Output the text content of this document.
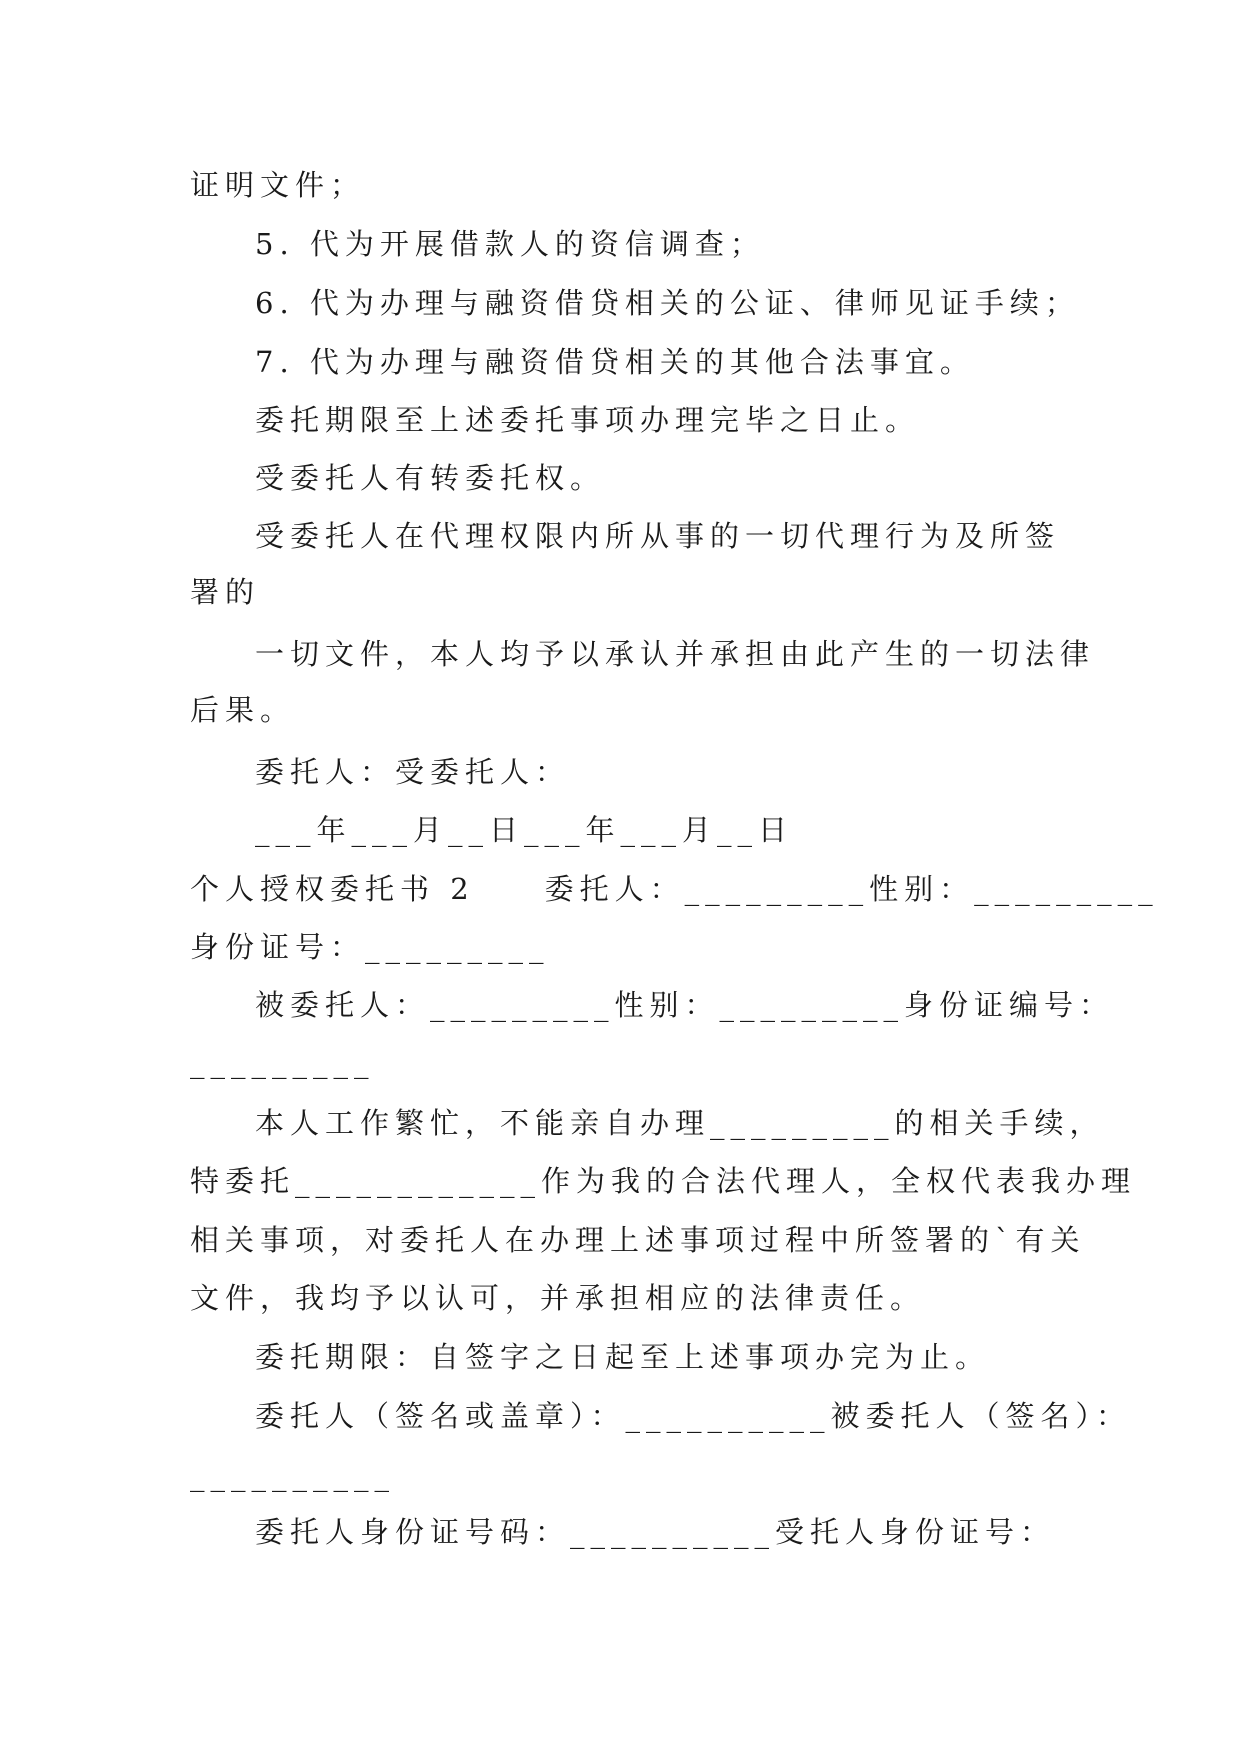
证明文件；
5. 代为开展借款人的资信调查；
6. 代为办理与融资借贷相关的公证、律师见证手续；
7. 代为办理与融资借贷相关的其他合法事宜。
委托期限至上述委托事项办理完毕之日止。
受委托人有转委托权。
受委托人在代理权限内所从事的一切代理行为及所签
署的
一切文件，本人均予以承认并承担由此产生的一切法律
后果。
委托人：受委托人：
___年___月__日___年___月__日
个人授权委托书 2　　委托人：_________性别：_________
身份证号：_________
被委托人：_________性别：_________身份证编号：
_________
本人工作繁忙，不能亲自办理_________的相关手续，
特委托____________作为我的合法代理人，全权代表我办理
相关事项，对委托人在办理上述事项过程中所签署的`有关
文件，我均予以认可，并承担相应的法律责任。
委托期限：自签字之日起至上述事项办完为止。
委托人（签名或盖章）：__________被委托人（签名）：
__________
委托人身份证号码：__________受托人身份证号：
